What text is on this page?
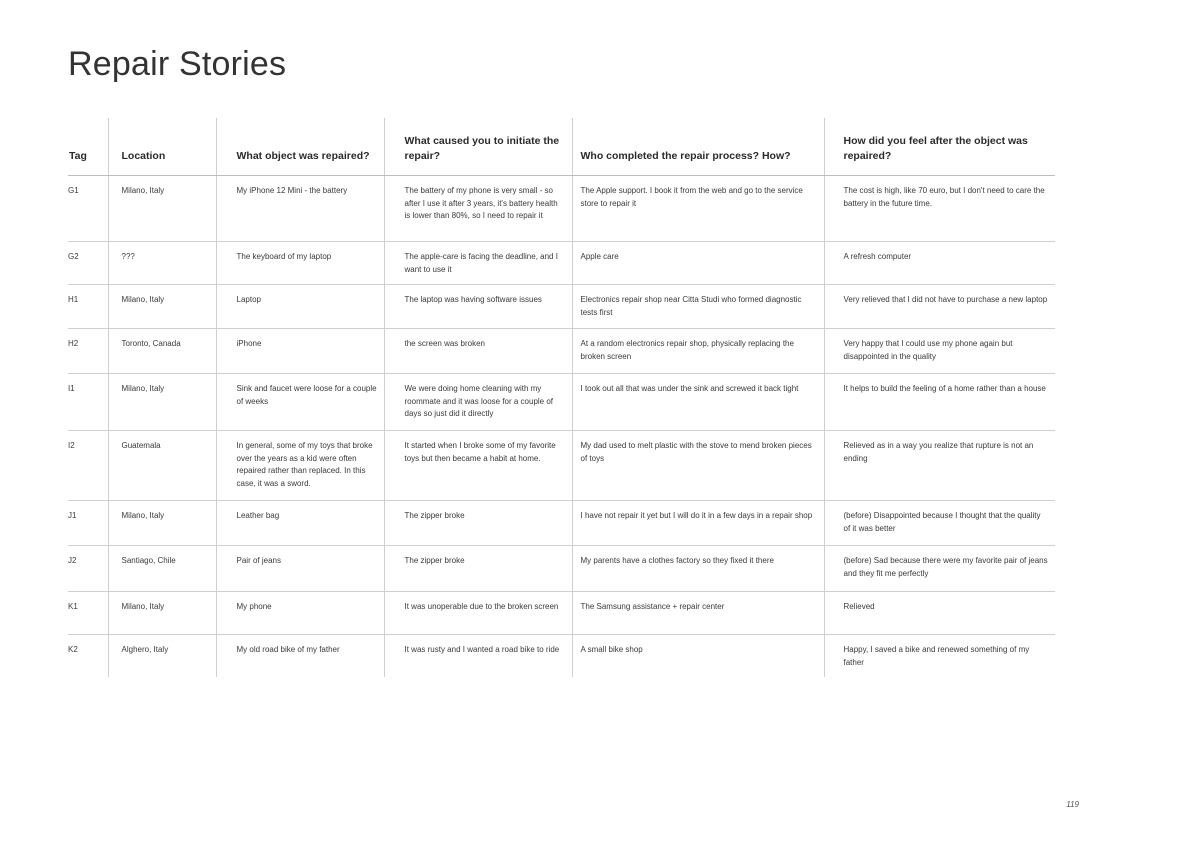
Repair Stories
Tag	Location	What object was repaired?	What caused you to initiate the repair?	Who completed the repair process? How?	How did you feel after the object was repaired?
G1	Milano, Italy	My iPhone 12 Mini - the battery	The battery of my phone is very small - so after I use it after 3 years, it's battery health is lower than 80%, so I need to repair it	The Apple support. I book it from the web and go to the service store to repair it	The cost is high, like 70 euro, but I don't need to care the battery in the future time.
G2	???	The keyboard of my laptop	The apple-care is facing the deadline, and I want to use it	Apple care	A refresh computer
H1	Milano, Italy	Laptop	The laptop was having software issues	Electronics repair shop near Citta Studi who formed diagnostic tests first	Very relieved that I did not have to purchase a new laptop
H2	Toronto, Canada	iPhone	the screen was broken	At a random electronics repair shop, physically replacing the broken screen	Very happy that I could use my phone again but disappointed in the quality
I1	Milano, Italy	Sink and faucet were loose for a couple of weeks	We were doing home cleaning with my roommate and it was loose for a couple of days so just did it directly	I took out all that was under the sink and screwed it back tight	It helps to build the feeling of a home rather than a house
I2	Guatemala	In general, some of my toys that broke over the years as a kid were often repaired rather than replaced. In this case, it was a sword.	It started when I broke some of my favorite toys but then became a habit at home.	My dad used to melt plastic with the stove to mend broken pieces of toys	Relieved as in a way you realize that rupture is not an ending
J1	Milano, Italy	Leather bag	The zipper broke	I have not repair it yet but I will do it in a few days in a repair shop	(before) Disappointed because I thought that the quality of it was better
J2	Santiago, Chile	Pair of jeans	The zipper broke	My parents have a clothes factory so they fixed it there	(before) Sad because there were my favorite pair of jeans and they fit me perfectly
K1	Milano, Italy	My phone	It was unoperable due to the broken screen	The Samsung assistance + repair center	Relieved
K2	Alghero, Italy	My old road bike of my father	It was rusty and I wanted a road bike to ride	A small bike shop	Happy, I saved a bike and renewed something of my father
119
